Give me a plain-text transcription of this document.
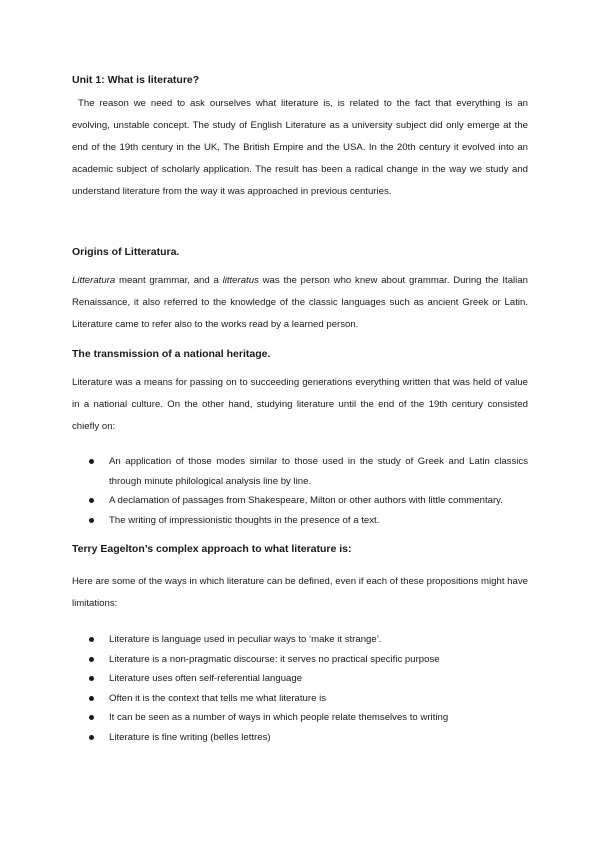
Unit 1: What is literature?

The reason we need to ask ourselves what literature is, is related to the fact that everything is an evolving, unstable concept. The study of English Literature as a university subject did only emerge at the end of the 19th century in the UK, The British Empire and the USA. In the 20th century it evolved into an academic subject of scholarly application. The result has been a radical change in the way we study and understand literature from the way it was approached in previous centuries.

Origins of Litteratura.

Litteratura meant grammar, and a litteratus was the person who knew about grammar. During the Italian Renaissance, it also referred to the knowledge of the classic languages such as ancient Greek or Latin. Literature came to refer also to the works read by a learned person.

The transmission of a national heritage.

Literature was a means for passing on to succeeding generations everything written that was held of value in a national culture. On the other hand, studying literature until the end of the 19th century consisted chiefly on:

An application of those modes similar to those used in the study of Greek and Latin classics through minute philological analysis line by line.
A declamation of passages from Shakespeare, Milton or other authors with little commentary.
The writing of impressionistic thoughts in the presence of a text.
Terry Eagelton’s complex approach to what literature is:

Here are some of the ways in which literature can be defined, even if each of these propositions might have limitations:

Literature is language used in peculiar ways to ‘make it strange’.
Literature is a non-pragmatic discourse: it serves no practical specific purpose
Literature uses often self-referential language
Often it is the context that tells me what literature is
It can be seen as a number of ways in which people relate themselves to writing
Literature is fine writing (belles lettres)
